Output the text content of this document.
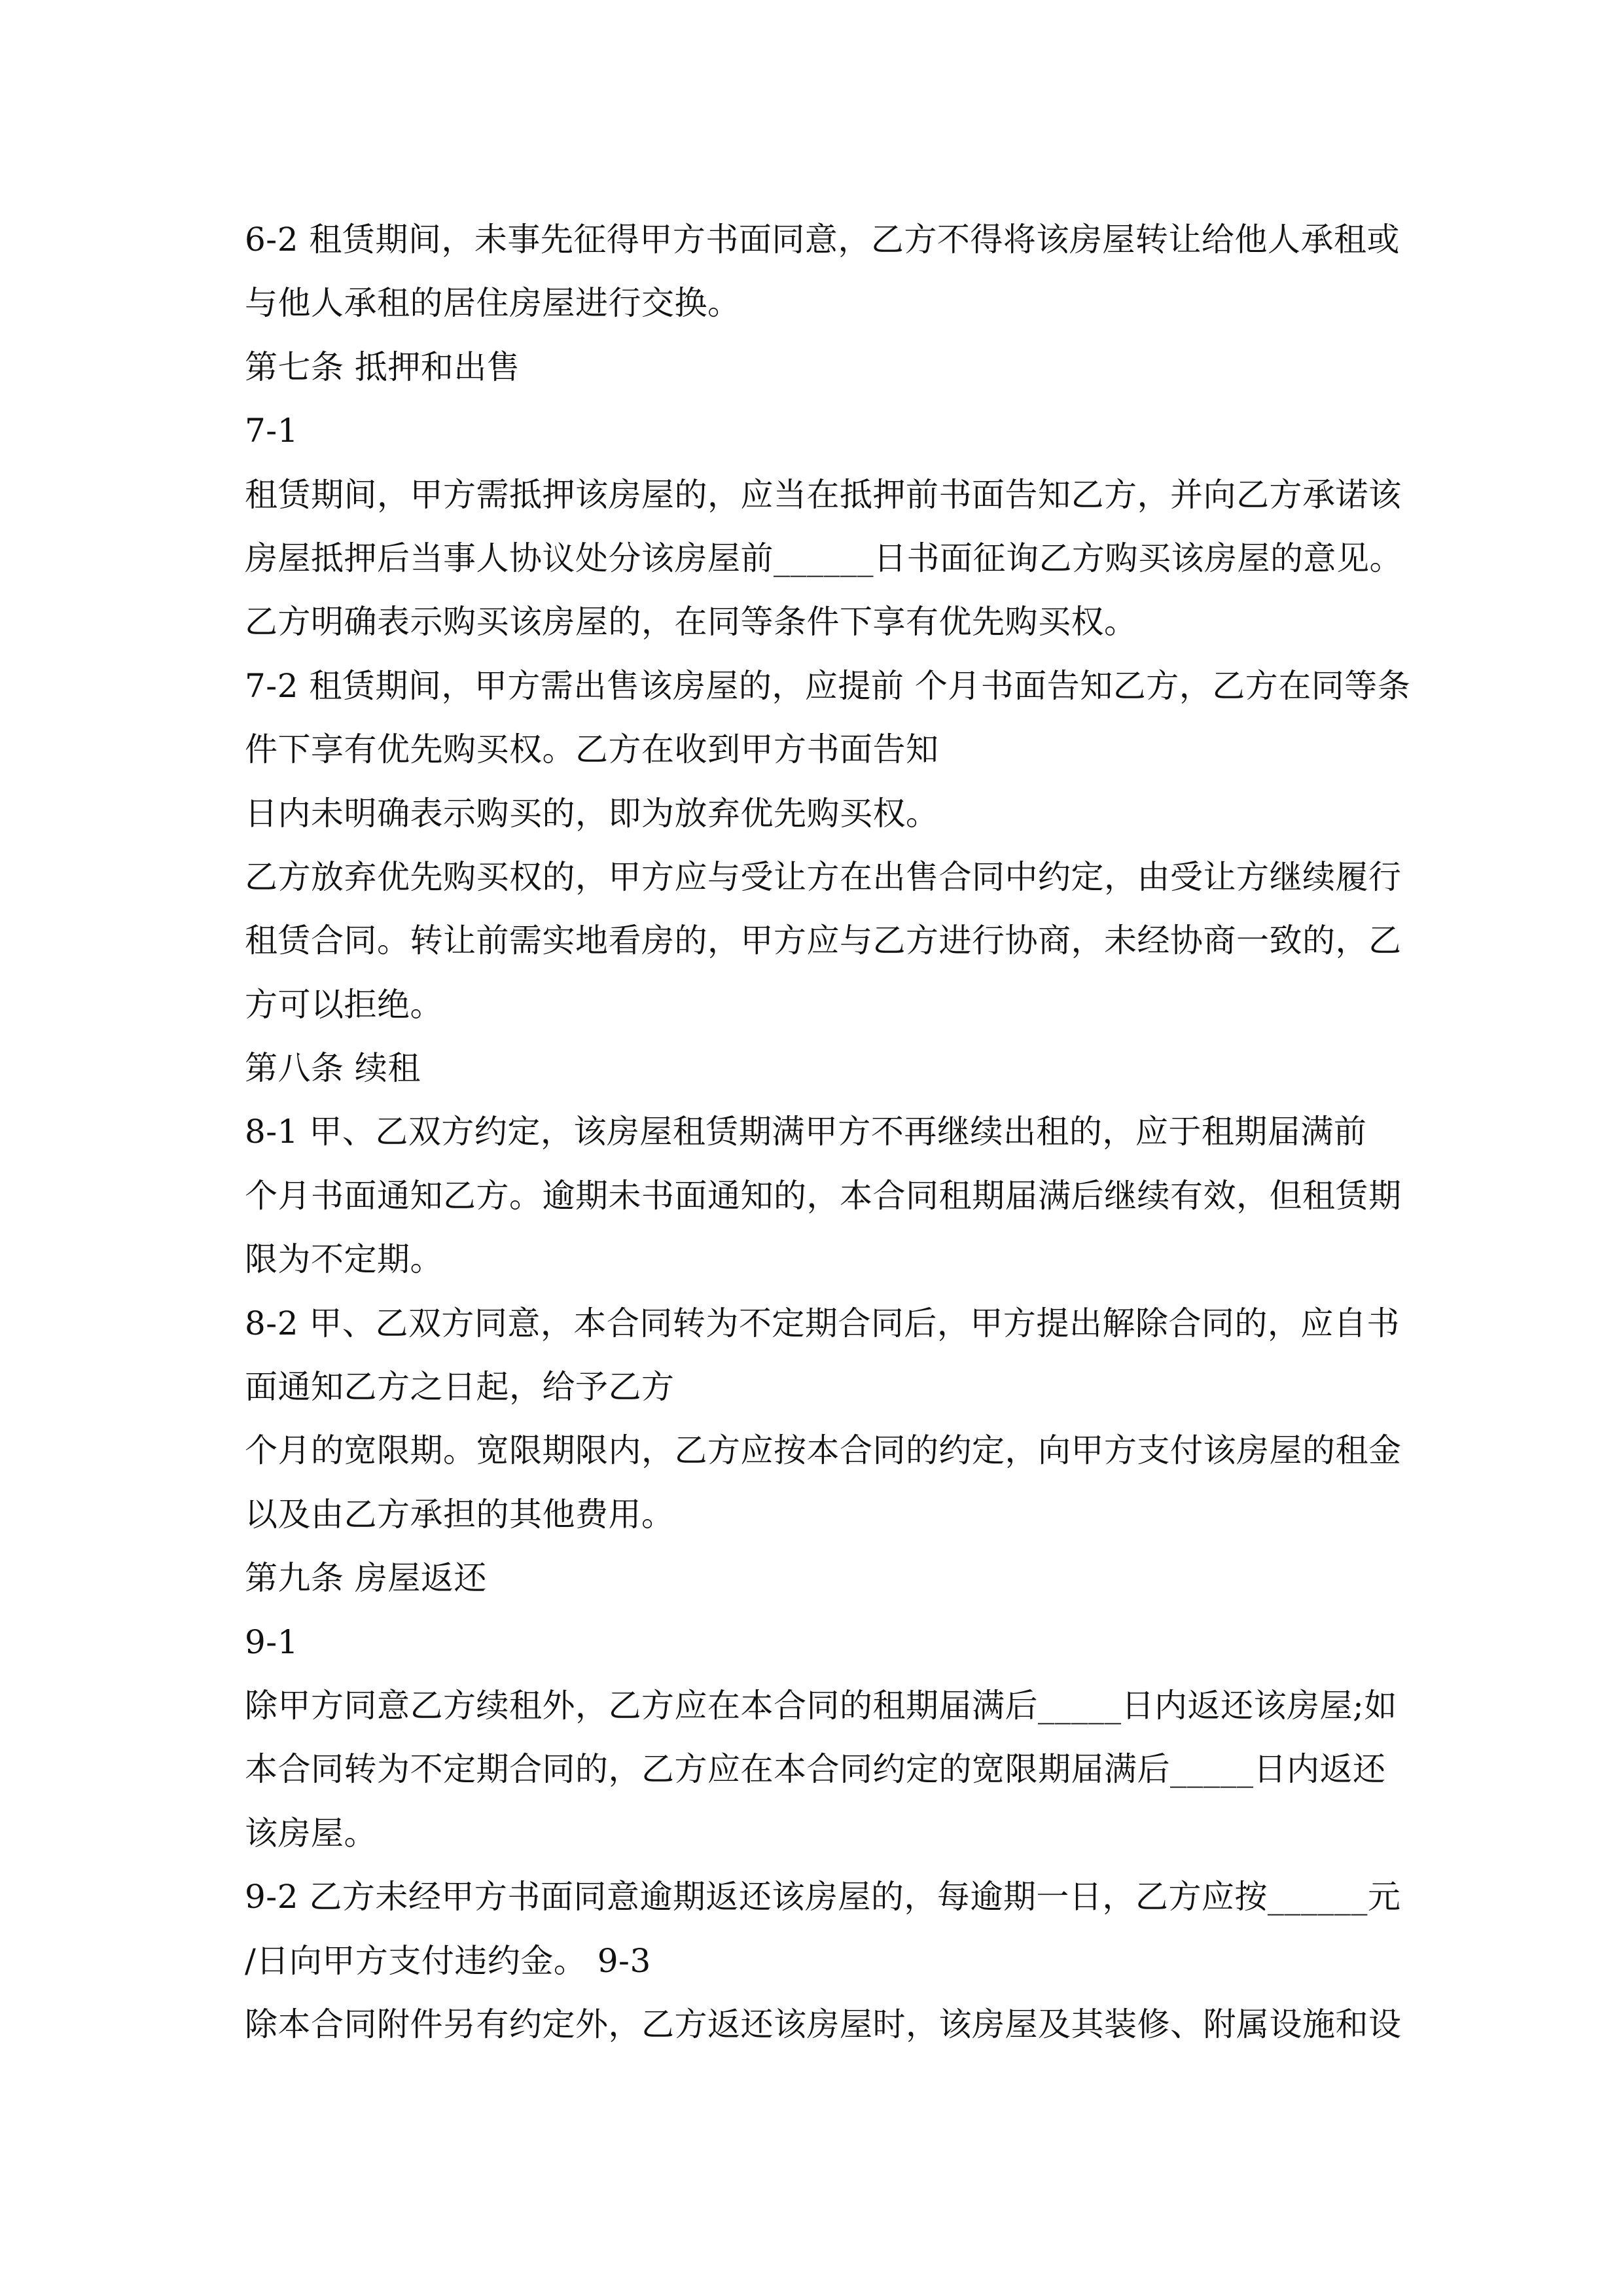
6-2 租赁期间，未事先征得甲方书面同意，乙方不得将该房屋转让给他人承租或
与他人承租的居住房屋进行交换。
第七条 抵押和出售
7-1
租赁期间，甲方需抵押该房屋的，应当在抵押前书面告知乙方，并向乙方承诺该
房屋抵押后当事人协议处分该房屋前______日书面征询乙方购买该房屋的意见。
乙方明确表示购买该房屋的，在同等条件下享有优先购买权。
7-2 租赁期间，甲方需出售该房屋的，应提前 个月书面告知乙方，乙方在同等条
件下享有优先购买权。乙方在收到甲方书面告知
日内未明确表示购买的，即为放弃优先购买权。
乙方放弃优先购买权的，甲方应与受让方在出售合同中约定，由受让方继续履行
租赁合同。转让前需实地看房的，甲方应与乙方进行协商，未经协商一致的，乙
方可以拒绝。
第八条 续租
8-1 甲、乙双方约定，该房屋租赁期满甲方不再继续出租的，应于租期届满前
个月书面通知乙方。逾期未书面通知的，本合同租期届满后继续有效，但租赁期
限为不定期。
8-2 甲、乙双方同意，本合同转为不定期合同后，甲方提出解除合同的，应自书
面通知乙方之日起，给予乙方
个月的宽限期。宽限期限内，乙方应按本合同的约定，向甲方支付该房屋的租金
以及由乙方承担的其他费用。
第九条 房屋返还
9-1
除甲方同意乙方续租外，乙方应在本合同的租期届满后_____日内返还该房屋;如
本合同转为不定期合同的，乙方应在本合同约定的宽限期届满后_____日内返还
该房屋。
9-2 乙方未经甲方书面同意逾期返还该房屋的，每逾期一日，乙方应按______元
/日向甲方支付违约金。 9-3
除本合同附件另有约定外，乙方返还该房屋时，该房屋及其装修、附属设施和设
